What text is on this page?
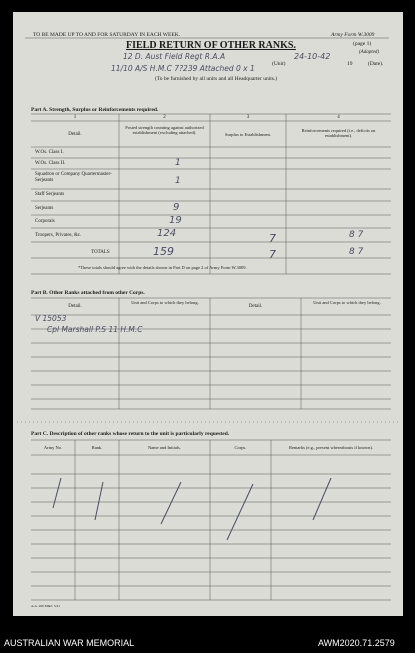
TO BE MADE UP TO AND FOR SATURDAY IN EACH WEEK.	Army Form W.3009
(page 1)
(Adapted)
FIELD RETURN OF OTHER RANKS.
12 D. Aust Field Regt R.A.A
(Unit)
24-10-42
19	(Date).
11/10 A/S H.M.C 7?239 Attached 0 x 1
(To be furnished by all units and all Headquarter units.)
Part A. Strength, Surplus or Reinforcements required.
1	2	3	4
Detail.
Posted strength counting against authorized establishment (excluding attached).	Surplus to Establishment.
Reinforcements required (i.e., deficits on establishment).
W.Os. Class I.
W.Os. Class II.	1
Squadron or Company Quartermaster-Serjeants	1
Staff Serjeants
Serjeants	9
Corporals	19
Troopers, Privates, &c.	124	7	8 7
TOTALS	159	7	8 7
*These totals should agree with the details shown in Part D on page 2 of Army Form W.3009.
Part B. Other Ranks attached from other Corps.
Detail.
Unit and Corps to which they belong.
Detail.
Unit and Corps to which they belong.
V 15053
Cpl Marshall P.S 11 H.M.C
Part C. Description of other ranks whose return to the unit is particularly requested.
Army No.	Rank.	Name and Initials.	Corps.	Remarks (e.g., present whereabouts if known).
A.A. 266 M&C 5/41
AUSTRALIAN WAR MEMORIAL	AWM2020.71.2579
